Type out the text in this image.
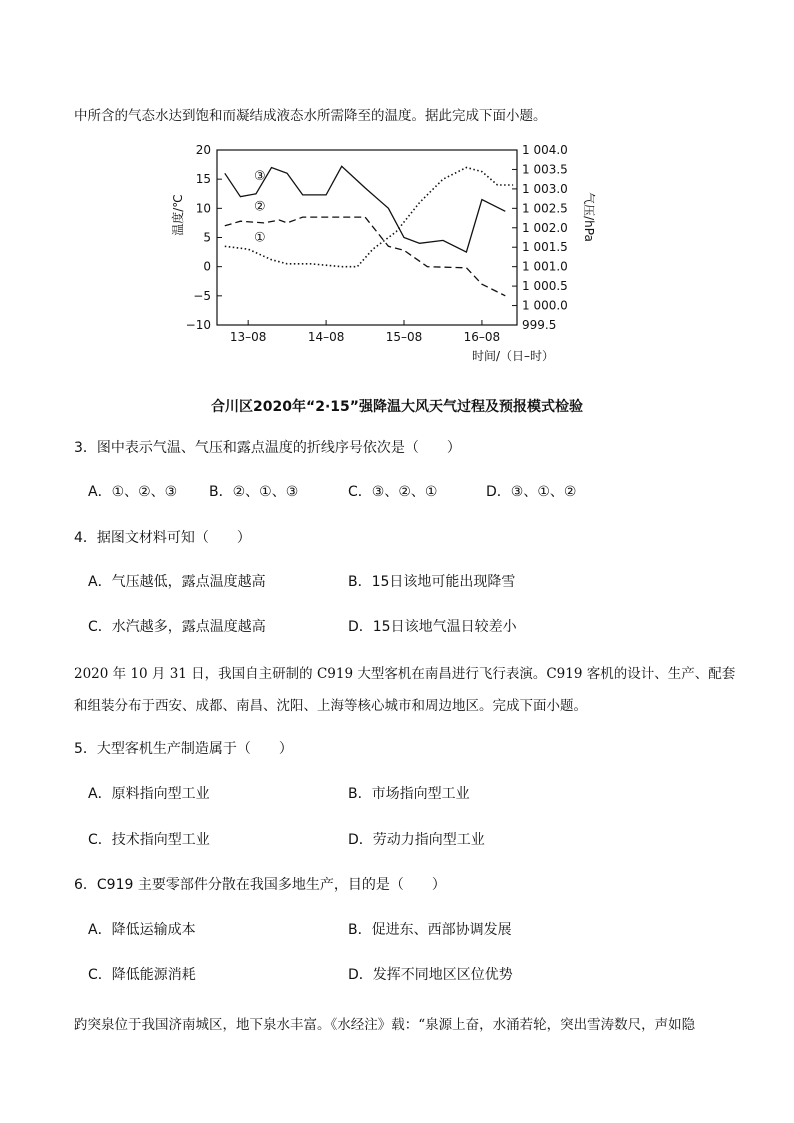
中所含的气态水达到饱和而凝结成液态水所需降至的温度。据此完成下面小题。
20
15
10
5
0
−5
−10
1 004.0
1 003.5
1 003.0
1 002.5
1 002.0
1 001.5
1 001.0
1 000.5
1 000.0
999.5
13–08	14–08	15–08	16–08
温度/℃	气压/hPa
时间/（日–时）
③
②
①
合川区2020年“2·15”强降温大风天气过程及预报模式检验
3．图中表示气温、气压和露点温度的折线序号依次是（　　）
A．①、②、③ B．②、①、③	C．③、②、①	D．③、①、②
4．据图文材料可知（　　）
A．气压越低，露点温度越高	B．15日该地可能出现降雪
C．水汽越多，露点温度越高	D．15日该地气温日较差小
2020 年 10 月 31 日，我国自主研制的 C919 大型客机在南昌进行飞行表演。C919 客机的设计、生产、配套
和组装分布于西安、成都、南昌、沈阳、上海等核心城市和周边地区。完成下面小题。
5．大型客机生产制造属于（　　）
A．原料指向型工业	B．市场指向型工业
C．技术指向型工业	D．劳动力指向型工业
6．C919 主要零部件分散在我国多地生产，目的是（　　）
A．降低运输成本	B．促进东、西部协调发展
C．降低能源消耗	D．发挥不同地区区位优势
趵突泉位于我国济南城区，地下泉水丰富。《水经注》载：“泉源上奋，水涌若轮，突出雪涛数尺，声如隐
